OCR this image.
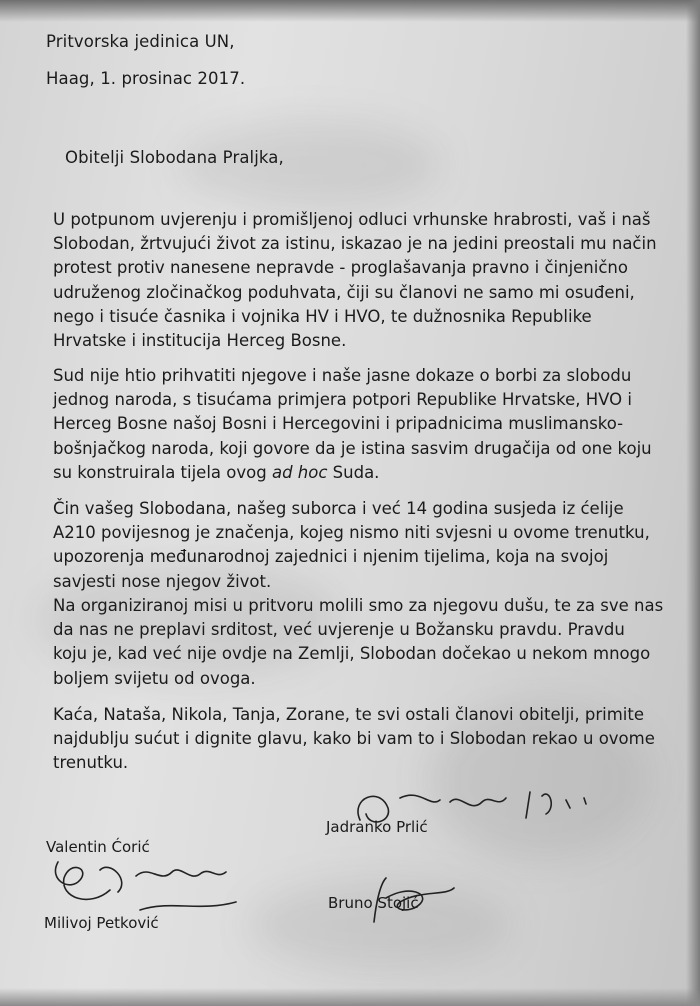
Pritvorska jedinica UN,
Haag, 1. prosinac 2017.
Obitelji Slobodana Praljka,
U potpunom uvjerenju i promišljenoj odluci vrhunske hrabrosti, vaš i naš
Slobodan, žrtvujući život za istinu, iskazao je na jedini preostali mu način
protest protiv nanesene nepravde - proglašavanja pravno i činjenično
udruženog zločinačkog poduhvata, čiji su članovi ne samo mi osuđeni,
nego i tisuće časnika i vojnika HV i HVO, te dužnosnika Republike
Hrvatske i institucija Herceg Bosne.
Sud nije htio prihvatiti njegove i naše jasne dokaze o borbi za slobodu
jednog naroda, s tisućama primjera potpori Republike Hrvatske, HVO i
Herceg Bosne našoj Bosni i Hercegovini i pripadnicima muslimansko-
bošnjačkog naroda, koji govore da je istina sasvim drugačija od one koju
su konstruirala tijela ovog ad hoc Suda.
Čin vašeg Slobodana, našeg suborca i već 14 godina susjeda iz ćelije
A210 povijesnog je značenja, kojeg nismo niti svjesni u ovome trenutku,
upozorenja međunarodnoj zajednici i njenim tijelima, koja na svojoj
savjesti nose njegov život.
Na organiziranoj misi u pritvoru molili smo za njegovu dušu, te za sve nas
da nas ne preplavi srditost, već uvjerenje u Božansku pravdu. Pravdu
koju je, kad već nije ovdje na Zemlji, Slobodan dočekao u nekom mnogo
boljem svijetu od ovoga.
Kaća, Nataša, Nikola, Tanja, Zorane, te svi ostali članovi obitelji, primite
najdublju sućut i dignite glavu, kako bi vam to i Slobodan rekao u ovome
trenutku.
Jadranko Prlić
Valentin Ćorić
Milivoj Petković
Bruno Stojić
